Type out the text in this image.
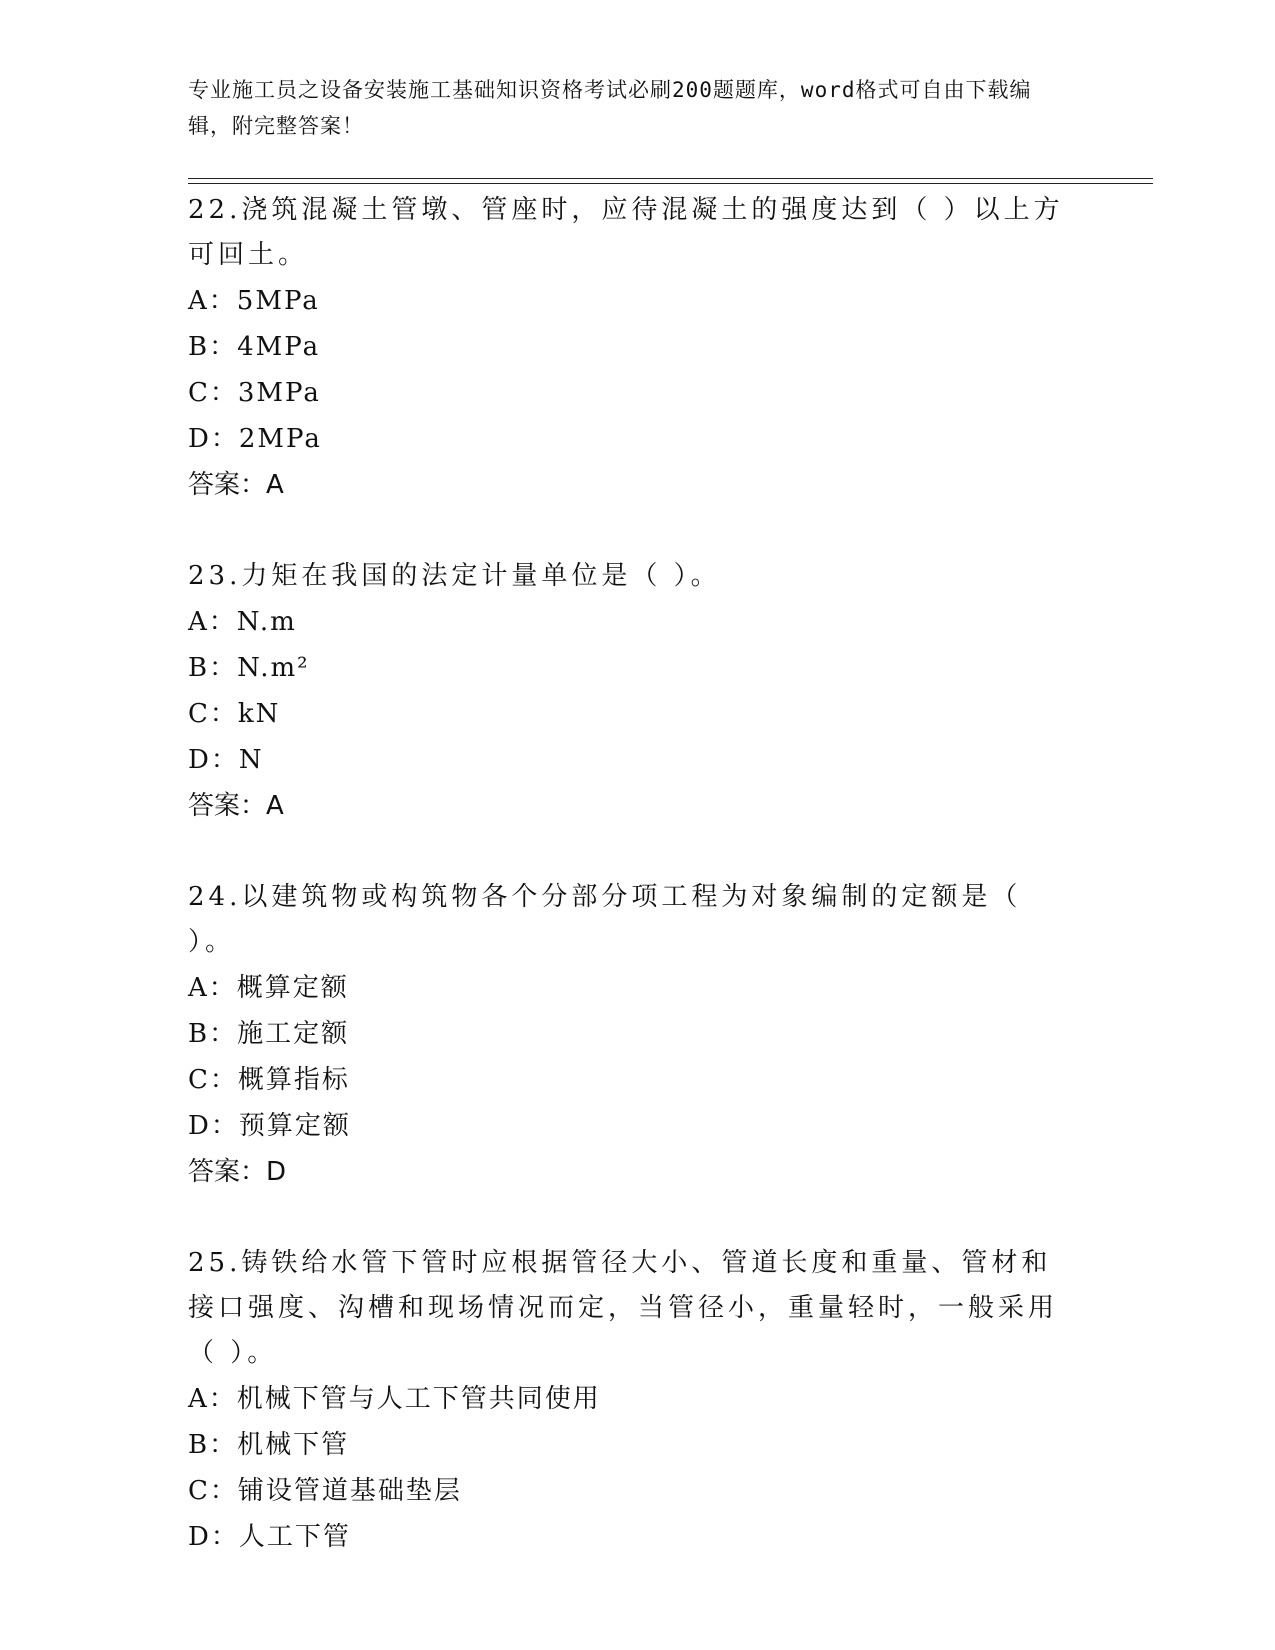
专业施工员之设备安装施工基础知识资格考试必刷200题题库，word格式可自由下载编辑，附完整答案！

22.浇筑混凝土管墩、管座时，应待混凝土的强度达到（ ）以上方可回土。

A：5MPa

B：4MPa

C：3MPa

D：2MPa

答案：A

23.力矩在我国的法定计量单位是（ ）。

A：N.m

B：N.m²

C：kN

D：N

答案：A

24.以建筑物或构筑物各个分部分项工程为对象编制的定额是（ ）。

A：概算定额

B：施工定额

C：概算指标

D：预算定额

答案：D

25.铸铁给水管下管时应根据管径大小、管道长度和重量、管材和接口强度、沟槽和现场情况而定，当管径小，重量轻时，一般采用（ ）。

A：机械下管与人工下管共同使用

B：机械下管

C：铺设管道基础垫层

D：人工下管
